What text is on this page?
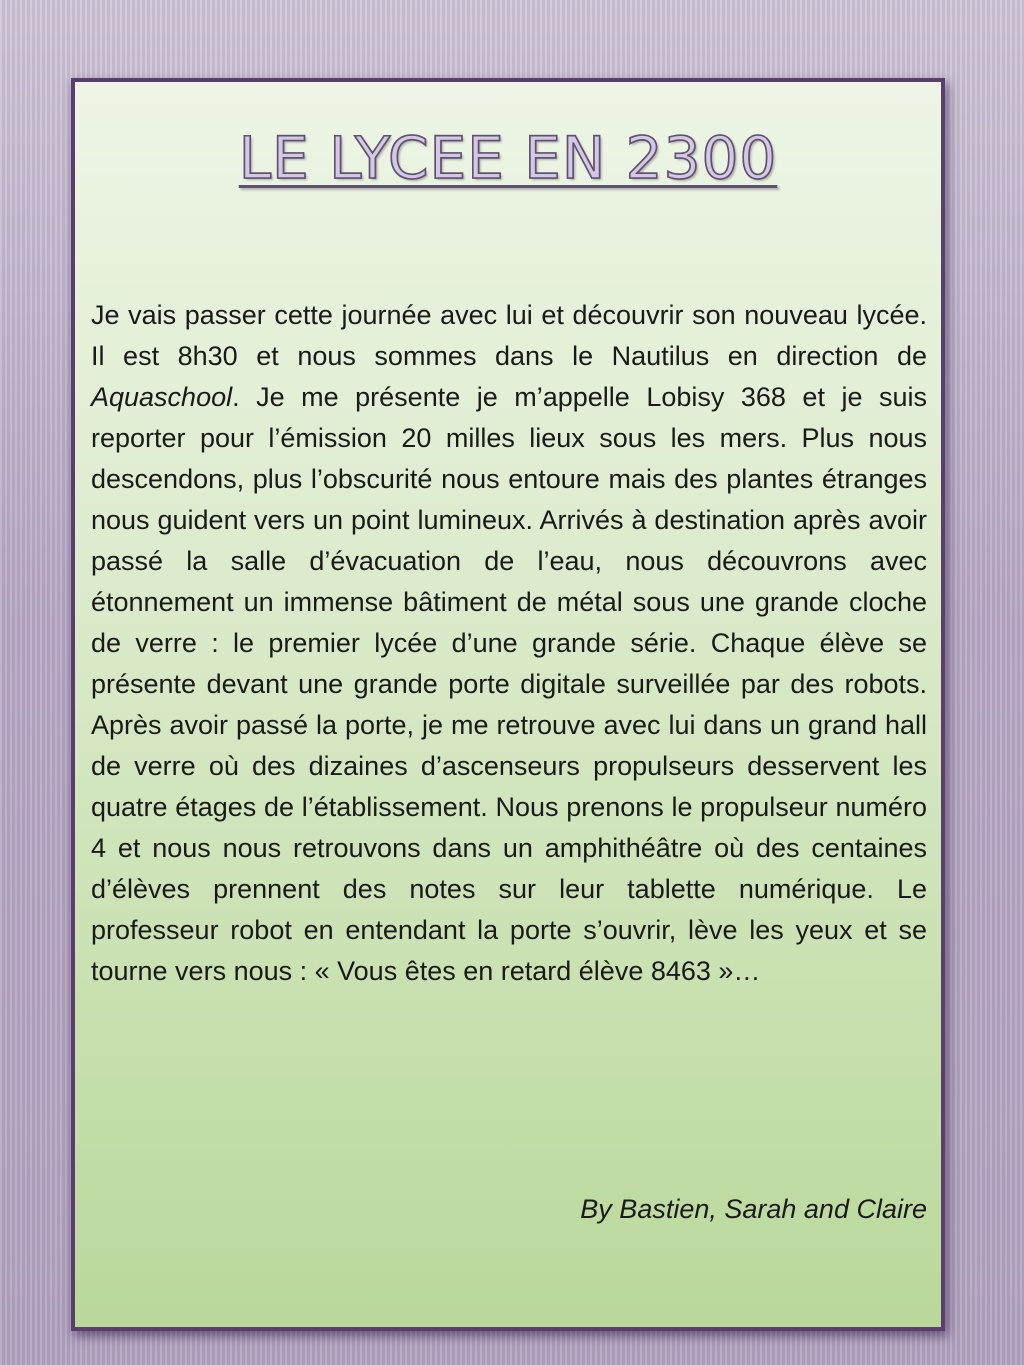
LE LYCEE EN 2300

Je vais passer cette journée avec lui et découvrir son nouveau lycée. Il est 8h30 et nous sommes dans le Nautilus en direction de Aquaschool. Je me présente je m’appelle Lobisy 368 et je suis reporter pour l’émission 20 milles lieux sous les mers. Plus nous descendons, plus l’obscurité nous entoure mais des plantes étranges nous guident vers un point lumineux. Arrivés à destination après avoir passé la salle d’évacuation de l’eau, nous découvrons avec étonnement un immense bâtiment de métal sous une grande cloche de verre : le premier lycée d’une grande série. Chaque élève se présente devant une grande porte digitale surveillée par des robots. Après avoir passé la porte, je me retrouve avec lui dans un grand hall de verre où des dizaines d’ascenseurs propulseurs desservent les quatre étages de l’établissement. Nous prenons le propulseur numéro 4 et nous nous retrouvons dans un amphithéâtre où des centaines d’élèves prennent des notes sur leur tablette numérique. Le professeur robot en entendant la porte s’ouvrir, lève les yeux et se tourne vers nous : « Vous êtes en retard élève 8463 »…

By Bastien, Sarah and Claire
